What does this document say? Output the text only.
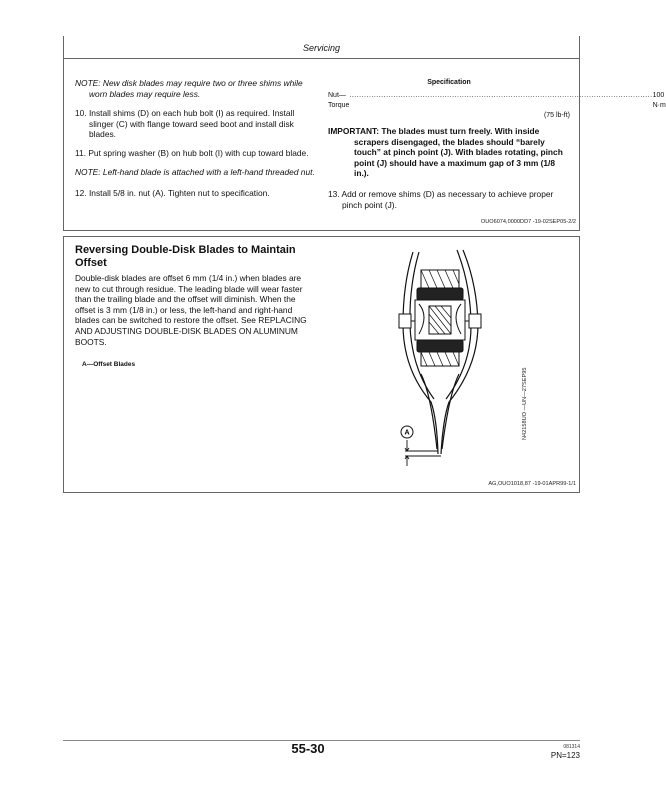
Servicing
NOTE: New disk blades may require two or three shims while worn blades may require less.
10. Install shims (D) on each hub bolt (I) as required. Install slinger (C) with flange toward seed boot and install disk blades.
11. Put spring washer (B) on hub bolt (I) with cup toward blade.
NOTE: Left-hand blade is attached with a left-hand threaded nut.
12. Install 5/8 in. nut (A). Tighten nut to specification.
Specification
Nut—Torque
............................................................................................................................ 100 N·m
(75 lb-ft)
IMPORTANT: The blades must turn freely. With inside scrapers disengaged, the blades should “barely touch” at pinch point (J). With blades rotating, pinch point (J) should have a maximum gap of 3 mm (1/8 in.).
13. Add or remove shims (D) as necessary to achieve proper pinch point (J).
OUO6074,0000DD7 -19-02SEP05-2/2
Reversing Double-Disk Blades to Maintain Offset
Double-disk blades are offset 6 mm (1/4 in.) when blades are new to cut through residue. The leading blade will wear faster than the trailing blade and the offset will diminish. When the offset is 3 mm (1/8 in.) or less, the left-hand and right-hand blades can be switched to restore the offset. See REPLACING AND ADJUSTING DOUBLE-DISK BLADES ON ALUMINUM BOOTS.
A—Offset Blades
A	N42158UO —UN—27SEP95
AG,OUO1018,87 -19-01APR99-1/1
55-30	081314
PN=123
